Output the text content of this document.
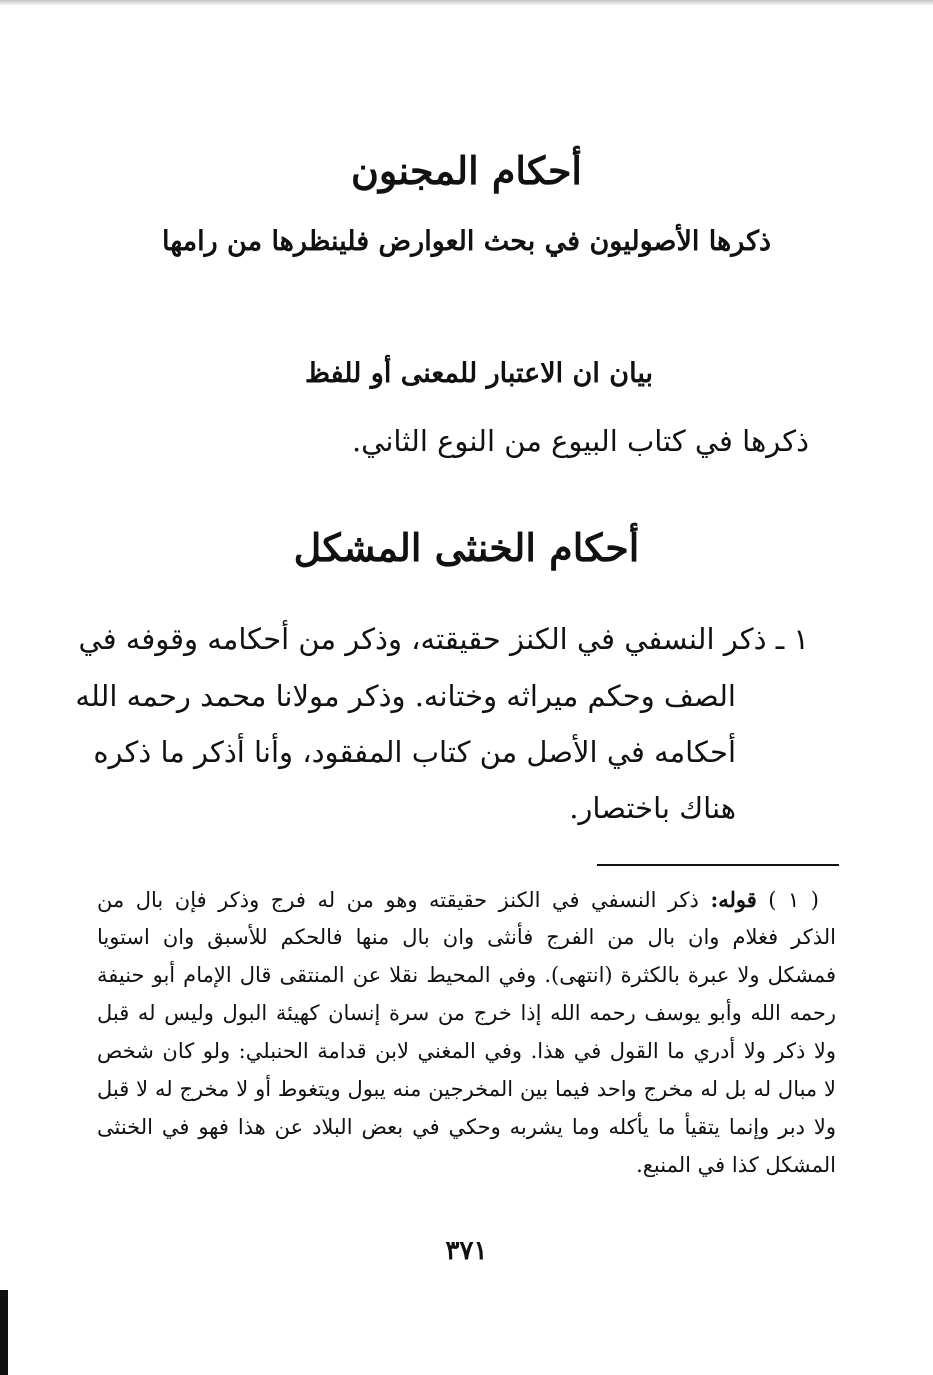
أحكام المجنون
ذكرها الأصوليون في بحث العوارض فلينظرها من رامها
بيان ان الاعتبار للمعنى أو للفظ
ذكرها في كتاب البيوع من النوع الثاني.
أحكام الخنثى المشكل
١ ـ ذكر النسفي في الكنز حقيقته، وذكر من أحكامه وقوفه في
الصف وحكم ميراثه وختانه. وذكر مولانا محمد رحمه الله
أحكامه في الأصل من كتاب المفقود، وأنا أذكر ما ذكره
هناك باختصار.
( ١ ) قوله: ذكر النسفي في الكنز حقيقته وهو من له فرج وذكر فإن بال من
الذكر فغلام وان بال من الفرج فأنثى وان بال منها فالحكم للأسبق وان استويا
فمشكل ولا عبرة بالكثرة (انتهى). وفي المحيط نقلا عن المنتقى قال الإمام أبو حنيفة
رحمه الله وأبو يوسف رحمه الله إذا خرج من سرة إنسان كهيئة البول وليس له قبل
ولا ذكر ولا أدري ما القول في هذا. وفي المغني لابن قدامة الحنبلي: ولو كان شخص
لا مبال له بل له مخرج واحد فيما بين المخرجين منه يبول ويتغوط أو لا مخرج له لا قبل
ولا دبر وإنما يتقيأ ما يأكله وما يشربه وحكي في بعض البلاد عن هذا فهو في الخنثى
المشكل كذا في المنبع.
٣٧١
